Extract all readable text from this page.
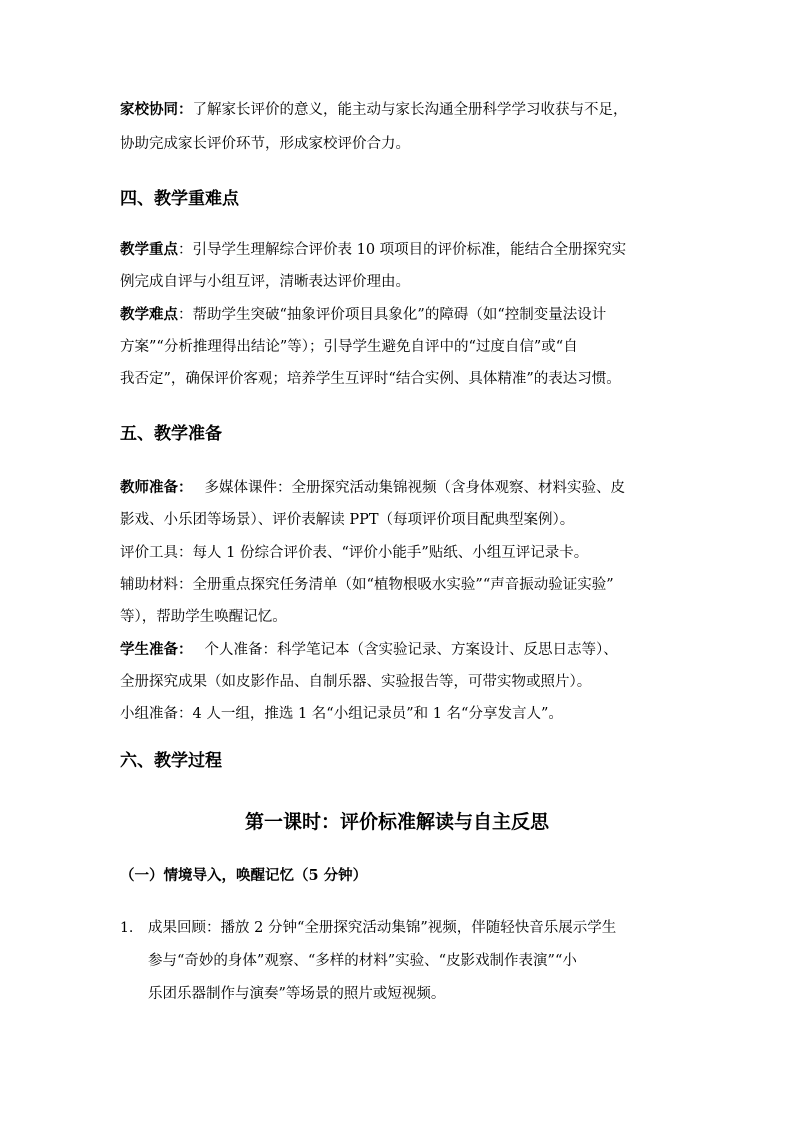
家校协同：了解家长评价的意义，能主动与家长沟通全册科学学习收获与不足，
协助完成家长评价环节，形成家校评价合力。
四、教学重难点
教学重点：引导学生理解综合评价表 10 项项目的评价标准，能结合全册探究实
例完成自评与小组互评，清晰表达评价理由。
教学难点：帮助学生突破“抽象评价项目具象化”的障碍（如“控制变量法设计
方案”“分析推理得出结论”等）；引导学生避免自评中的“过度自信”或“自
我否定”，确保评价客观；培养学生互评时“结合实例、具体精准”的表达习惯。
五、教学准备
教师准备： 多媒体课件：全册探究活动集锦视频（含身体观察、材料实验、皮
影戏、小乐团等场景）、评价表解读 PPT（每项评价项目配典型案例）。
评价工具：每人 1 份综合评价表、“评价小能手”贴纸、小组互评记录卡。
辅助材料：全册重点探究任务清单（如“植物根吸水实验”“声音振动验证实验”
等），帮助学生唤醒记忆。
学生准备： 个人准备：科学笔记本（含实验记录、方案设计、反思日志等）、
全册探究成果（如皮影作品、自制乐器、实验报告等，可带实物或照片）。
小组准备：4 人一组，推选 1 名“小组记录员”和 1 名“分享发言人”。
六、教学过程
第一课时：评价标准解读与自主反思
（一）情境导入，唤醒记忆（5 分钟）
1. 成果回顾：播放 2 分钟“全册探究活动集锦”视频，伴随轻快音乐展示学生
参与“奇妙的身体”观察、“多样的材料”实验、“皮影戏制作表演”“小
乐团乐器制作与演奏”等场景的照片或短视频。
